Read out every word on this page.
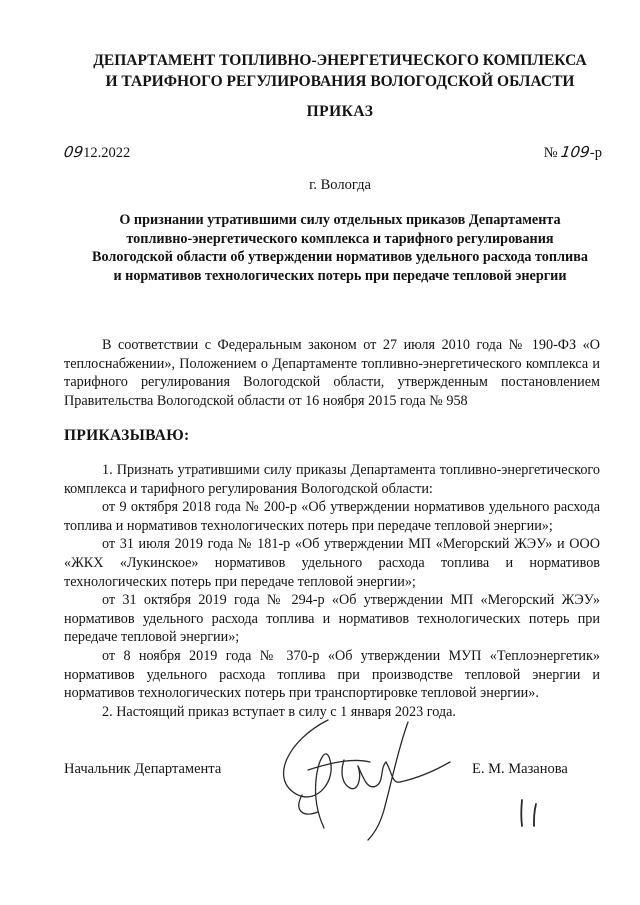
ДЕПАРТАМЕНТ ТОПЛИВНО-ЭНЕРГЕТИЧЕСКОГО КОМПЛЕКСА
И ТАРИФНОГО РЕГУЛИРОВАНИЯ ВОЛОГОДСКОЙ ОБЛАСТИ
ПРИКАЗ
0912.2022	№ 109-р
г. Вологда
О признании утратившими силу отдельных приказов Департамента топливно-энергетического комплекса и тарифного регулирования Вологодской области об утверждении нормативов удельного расхода топлива и нормативов технологических потерь при передаче тепловой энергии

В соответствии с Федеральным законом от 27 июля 2010 года № 190-ФЗ «О теплоснабжении», Положением о Департаменте топливно-энергетического комплекса и тарифного регулирования Вологодской области, утвержденным постановлением Правительства Вологодской области от 16 ноября 2015 года № 958

ПРИКАЗЫВАЮ:

1. Признать утратившими силу приказы Департамента топливно-энергетического комплекса и тарифного регулирования Вологодской области:

от 9 октября 2018 года № 200-р «Об утверждении нормативов удельного расхода топлива и нормативов технологических потерь при передаче тепловой энергии»;

от 31 июля 2019 года № 181-р «Об утверждении МП «Мегорский ЖЭУ» и ООО «ЖКХ «Лукинское» нормативов удельного расхода топлива и нормативов технологических потерь при передаче тепловой энергии»;

от 31 октября 2019 года № 294-р «Об утверждении МП «Мегорский ЖЭУ» нормативов удельного расхода топлива и нормативов технологических потерь при передаче тепловой энергии»;

от 8 ноября 2019 года № 370-р «Об утверждении МУП «Теплоэнергетик» нормативов удельного расхода топлива при производстве тепловой энергии и нормативов технологических потерь при транспортировке тепловой энергии».

2. Настоящий приказ вступает в силу с 1 января 2023 года.

Начальник Департамента	Е. М. Мазанова
